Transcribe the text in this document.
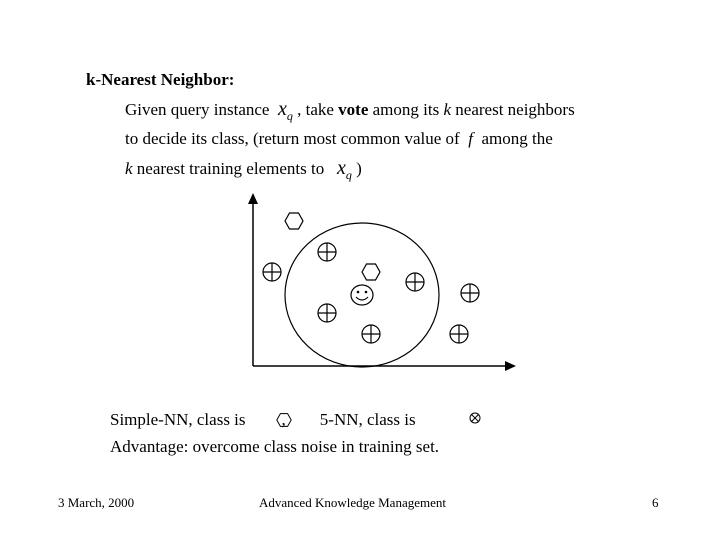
k-Nearest Neighbor:
Given query instance $x_q$ , take vote among its k nearest neighbors
to decide its class, (return most common value of f among the
k nearest training elements to $x_q$ )
Simple-NN, class is , 5-NN, class is
Advantage: overcome class noise in training set.
3 March, 2000	Advanced Knowledge Management	6
